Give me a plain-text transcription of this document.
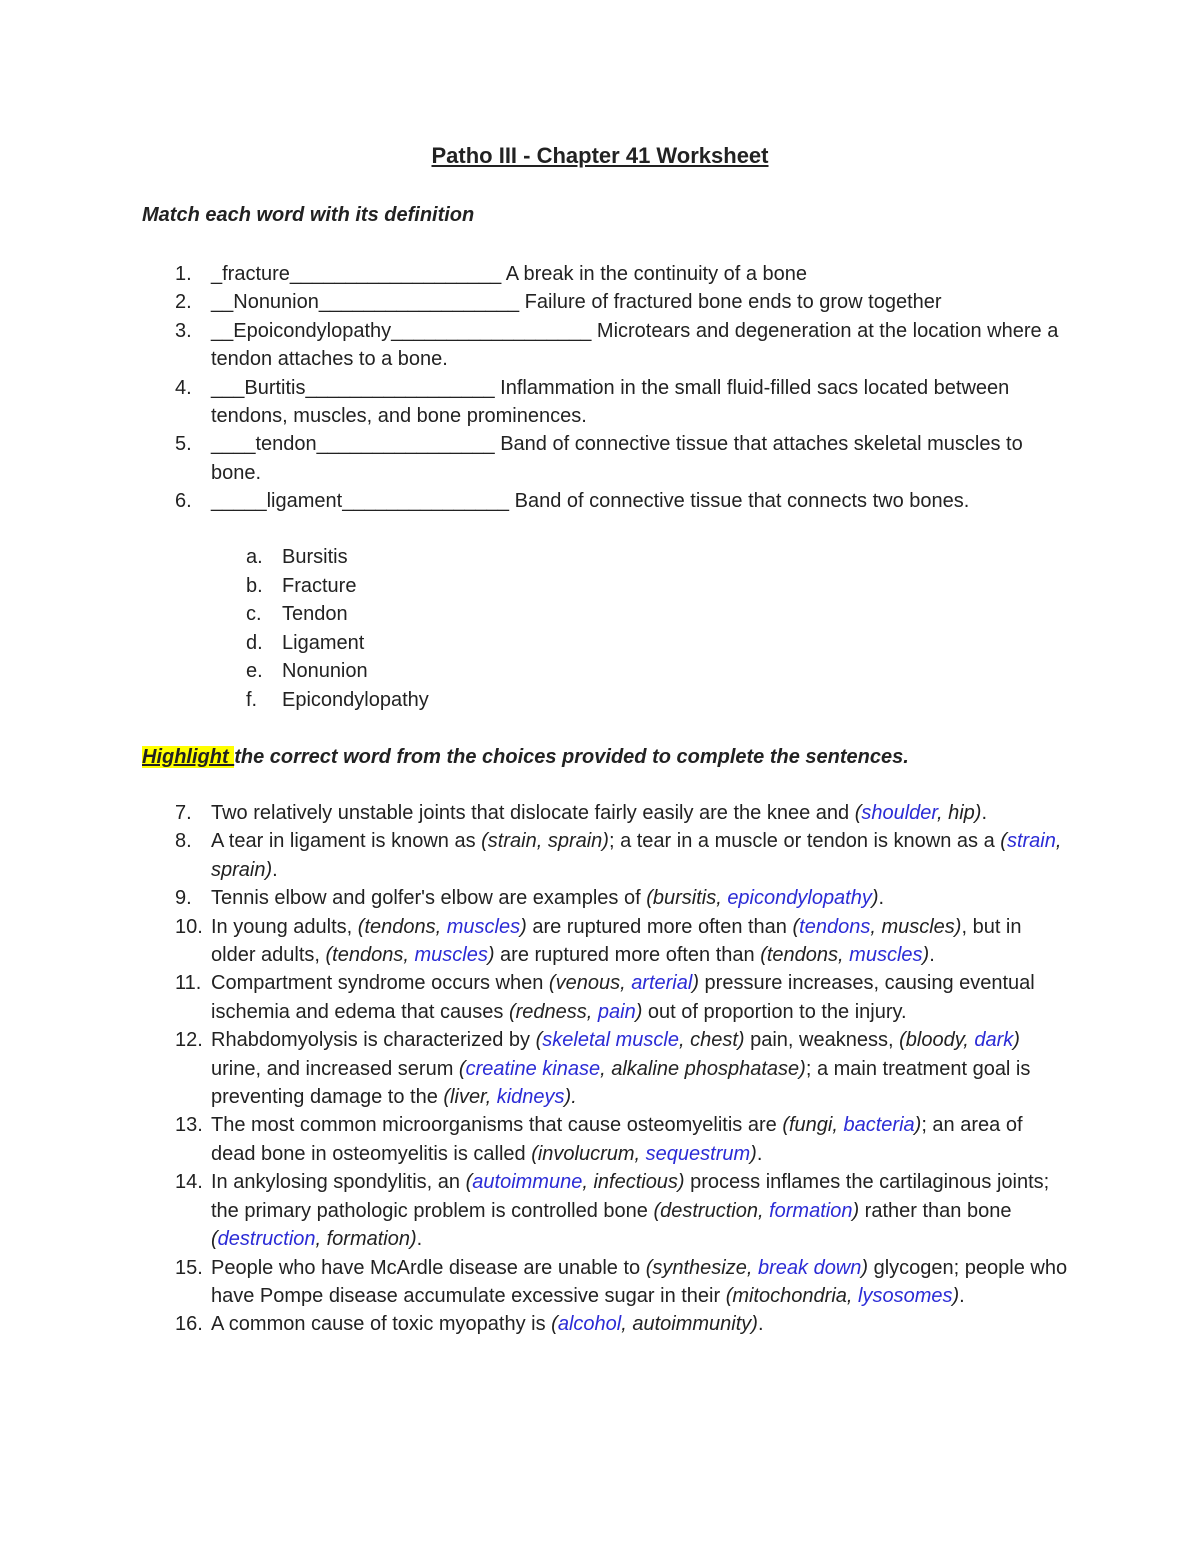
Patho III - Chapter 41 Worksheet
Match each word with its definition
1. _fracture___________________ A break in the continuity of a bone
2. __Nonunion__________________ Failure of fractured bone ends to grow together
3. __Epoicondylopathy__________________ Microtears and degeneration at the location where a tendon attaches to a bone.
4. ___Burtitis_________________ Inflammation in the small fluid-filled sacs located between tendons, muscles, and bone prominences.
5. ____tendon________________ Band of connective tissue that attaches skeletal muscles to bone.
6. _____ligament_______________ Band of connective tissue that connects two bones.
a. Bursitis
b. Fracture
c. Tendon
d. Ligament
e. Nonunion
f. Epicondylopathy
Highlight the correct word from the choices provided to complete the sentences.
7. Two relatively unstable joints that dislocate fairly easily are the knee and (shoulder, hip).
8. A tear in ligament is known as (strain, sprain); a tear in a muscle or tendon is known as a (strain, sprain).
9. Tennis elbow and golfer's elbow are examples of (bursitis, epicondylopathy).
10. In young adults, (tendons, muscles) are ruptured more often than (tendons, muscles), but in older adults, (tendons, muscles) are ruptured more often than (tendons, muscles).
11. Compartment syndrome occurs when (venous, arterial) pressure increases, causing eventual ischemia and edema that causes (redness, pain) out of proportion to the injury.
12. Rhabdomyolysis is characterized by (skeletal muscle, chest) pain, weakness, (bloody, dark) urine, and increased serum (creatine kinase, alkaline phosphatase); a main treatment goal is preventing damage to the (liver, kidneys).
13. The most common microorganisms that cause osteomyelitis are (fungi, bacteria); an area of dead bone in osteomyelitis is called (involucrum, sequestrum).
14. In ankylosing spondylitis, an (autoimmune, infectious) process inflames the cartilaginous joints; the primary pathologic problem is controlled bone (destruction, formation) rather than bone (destruction, formation).
15. People who have McArdle disease are unable to (synthesize, break down) glycogen; people who have Pompe disease accumulate excessive sugar in their (mitochondria, lysosomes).
16. A common cause of toxic myopathy is (alcohol, autoimmunity).
